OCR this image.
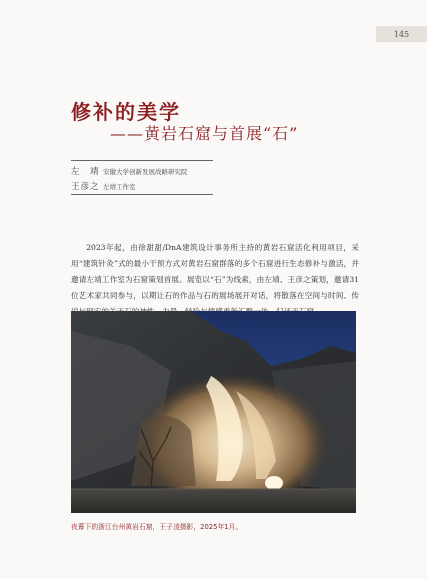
145
修补的美学
——黄岩石窟与首展“石”
左　靖 安徽大学创新发展战略研究院
王彦之 左靖工作室
2023年起，由徐甜甜/DnA建筑设计事务所主持的黄岩石窟活化利用项目，采用“建筑针灸”式的最小干预方式对黄岩石窟群落的多个石窟进行生态修补与激活，并邀请左靖工作室为石窟策划首展。展览以“石”为线索，由左靖、王彦之策划，邀请31位艺术家共同参与，以期让石的作品与石的展场展开对话，将散落在空间与时间、传
夜幕下的浙江台州黄岩石窟，王子凌摄影，2025年1月。
